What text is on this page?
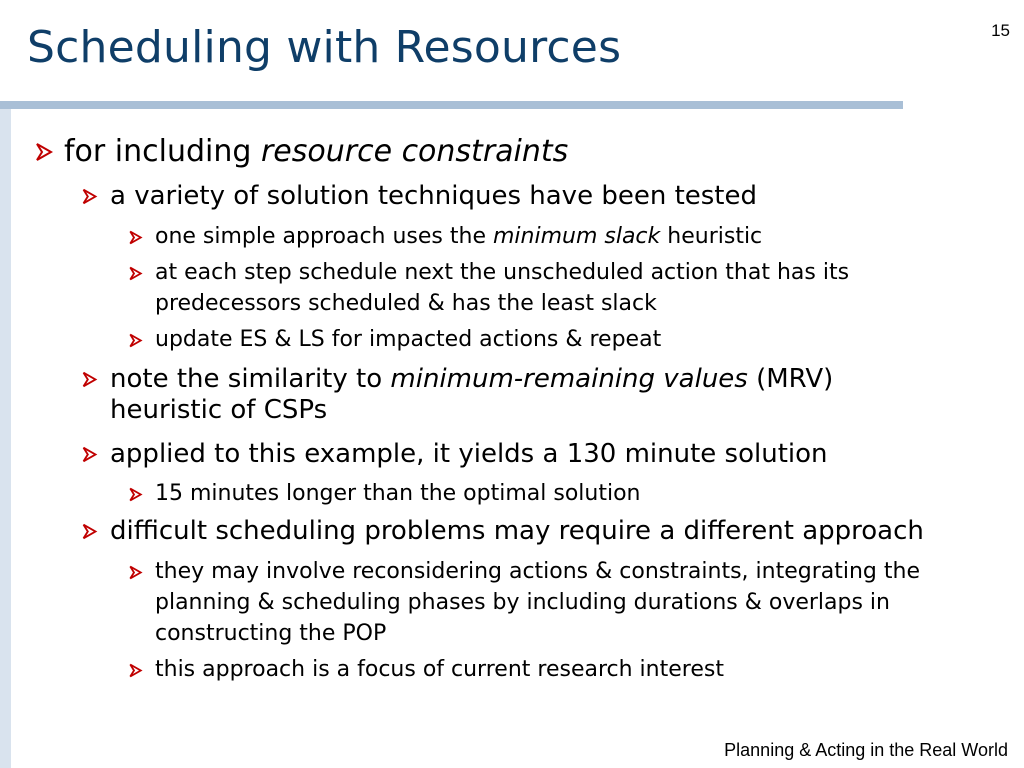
Scheduling with Resources	15
for including resource constraints
a variety of solution techniques have been tested
one simple approach uses the minimum slack heuristic
at each step schedule next the unscheduled action that has its predecessors scheduled & has the least slack
update ES & LS for impacted actions & repeat
note the similarity to minimum-remaining values (MRV) heuristic of CSPs
applied to this example, it yields a 130 minute solution
15 minutes longer than the optimal solution
difficult scheduling problems may require a different approach
they may involve reconsidering actions & constraints, integrating the planning & scheduling phases by including durations & overlaps in constructing the POP
this approach is a focus of current research interest
Planning & Acting in the Real World
